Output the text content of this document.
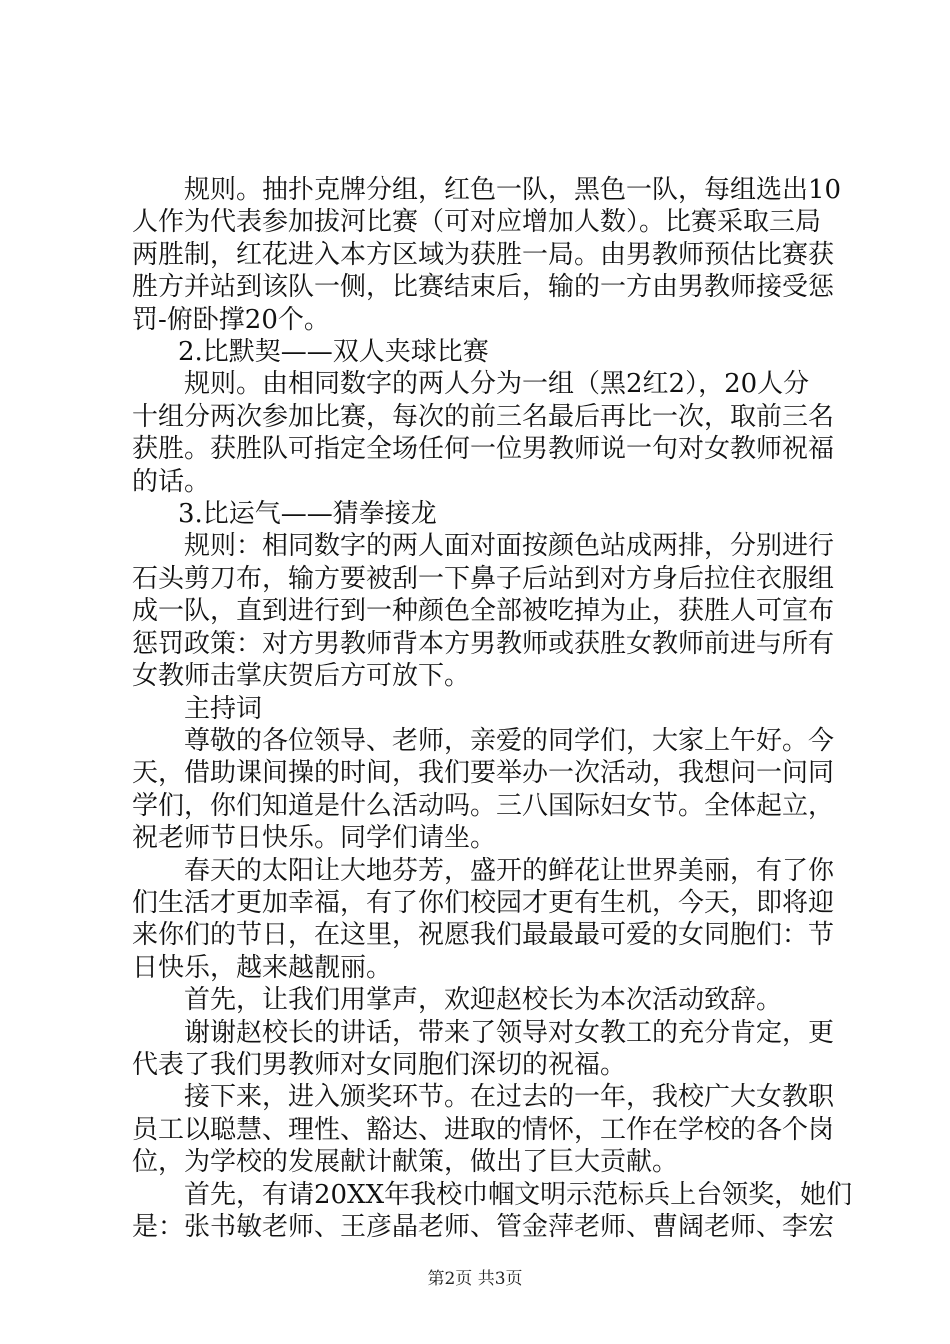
规则。抽扑克牌分组，红色一队，黑色一队，每组选出10
人作为代表参加拔河比赛（可对应增加人数）。比赛采取三局
两胜制，红花进入本方区域为获胜一局。由男教师预估比赛获
胜方并站到该队一侧，比赛结束后，输的一方由男教师接受惩
罚-俯卧撑20个。

2.比默契——双人夹球比赛

规则。由相同数字的两人分为一组（黑2红2），20人分
十组分两次参加比赛，每次的前三名最后再比一次，取前三名
获胜。获胜队可指定全场任何一位男教师说一句对女教师祝福
的话。

3.比运气——猜拳接龙

规则：相同数字的两人面对面按颜色站成两排，分别进行
石头剪刀布，输方要被刮一下鼻子后站到对方身后拉住衣服组
成一队，直到进行到一种颜色全部被吃掉为止，获胜人可宣布
惩罚政策：对方男教师背本方男教师或获胜女教师前进与所有
女教师击掌庆贺后方可放下。

主持词

尊敬的各位领导、老师，亲爱的同学们，大家上午好。今
天，借助课间操的时间，我们要举办一次活动，我想问一问同
学们，你们知道是什么活动吗。三八国际妇女节。全体起立，
祝老师节日快乐。同学们请坐。

春天的太阳让大地芬芳，盛开的鲜花让世界美丽，有了你
们生活才更加幸福，有了你们校园才更有生机，今天，即将迎
来你们的节日，在这里，祝愿我们最最最可爱的女同胞们：节
日快乐，越来越靓丽。

首先，让我们用掌声，欢迎赵校长为本次活动致辞。

谢谢赵校长的讲话，带来了领导对女教工的充分肯定，更
代表了我们男教师对女同胞们深切的祝福。

接下来，进入颁奖环节。在过去的一年，我校广大女教职
员工以聪慧、理性、豁达、进取的情怀，工作在学校的各个岗
位，为学校的发展献计献策，做出了巨大贡献。

首先，有请20XX年我校巾帼文明示范标兵上台领奖，她们
是：张书敏老师、王彦晶老师、管金萍老师、曹阔老师、李宏

第2页 共3页
